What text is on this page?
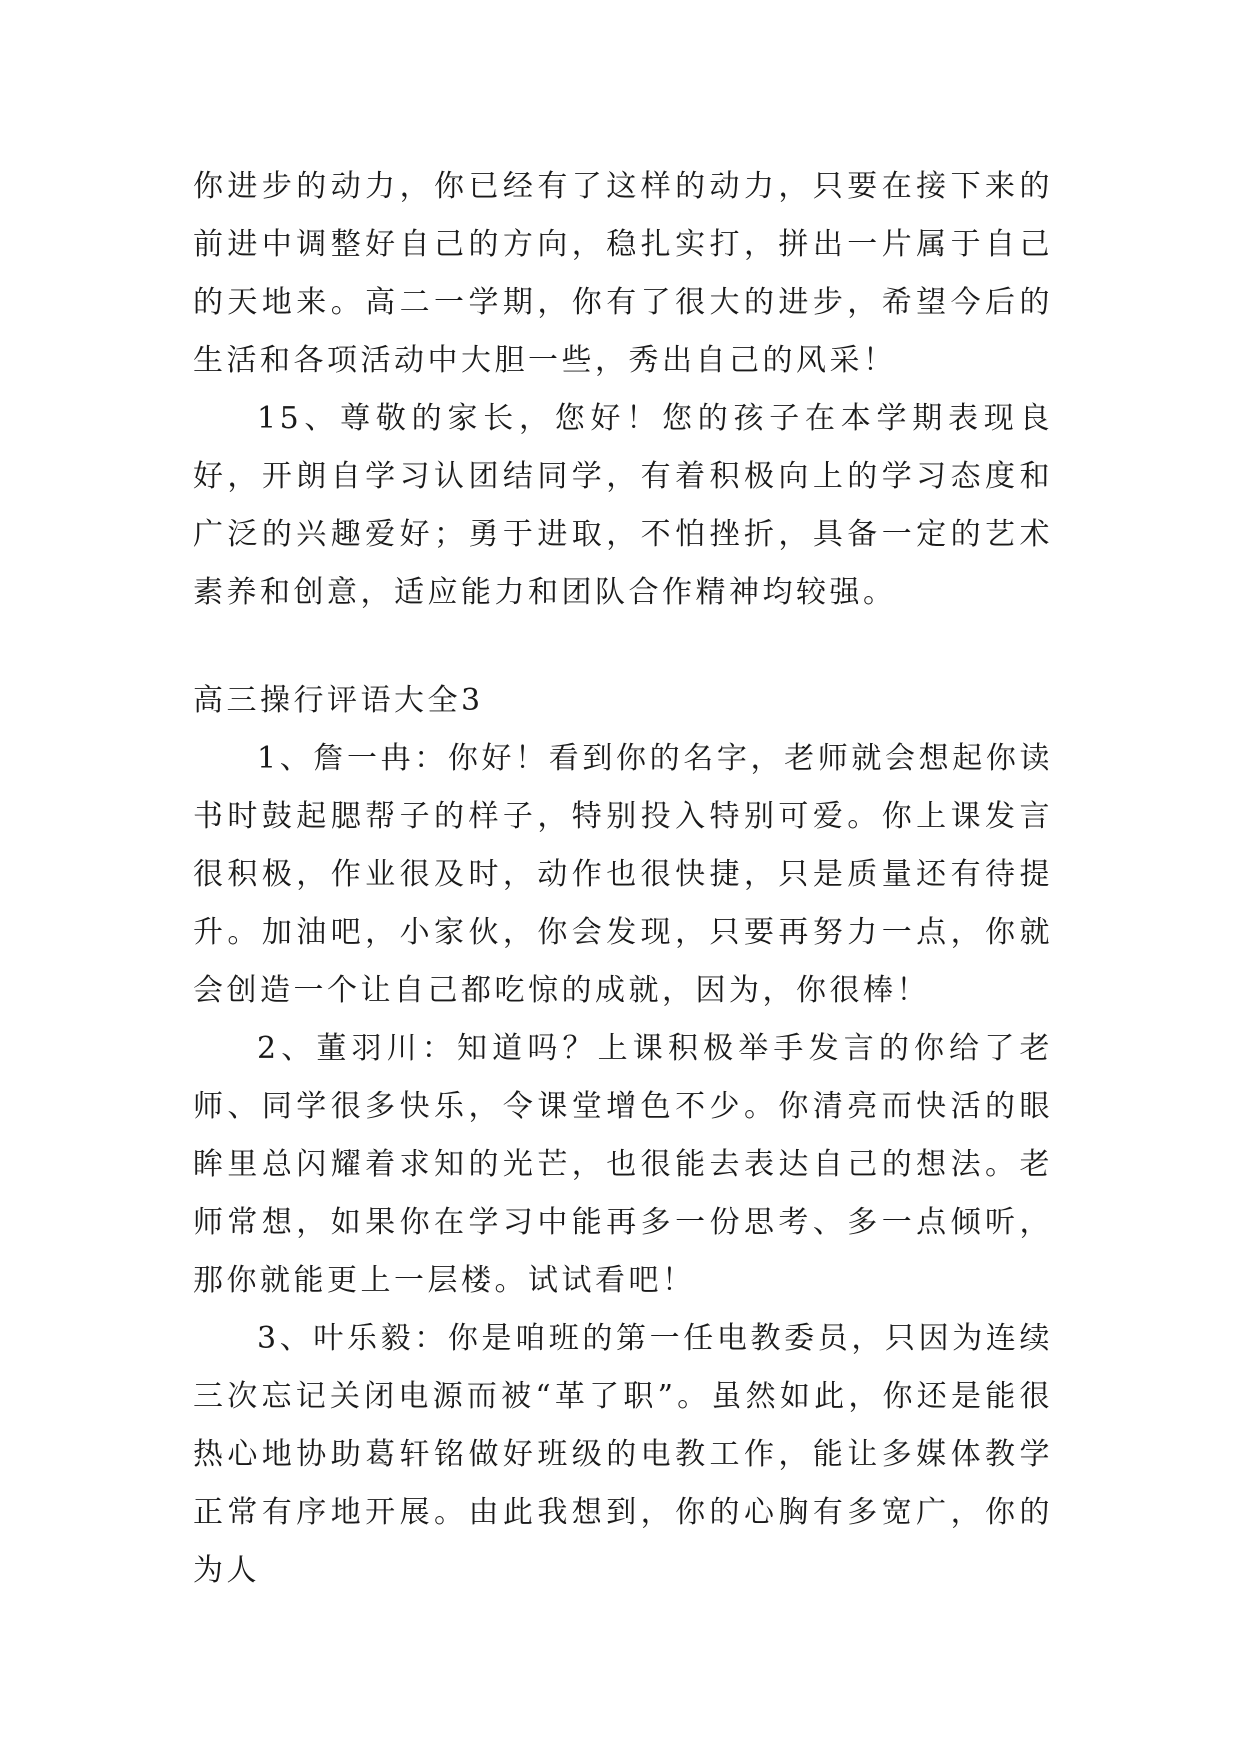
你进步的动力，你已经有了这样的动力，只要在接下来的前进中调整好自己的方向，稳扎实打，拼出一片属于自己的天地来。高二一学期，你有了很大的进步，希望今后的生活和各项活动中大胆一些，秀出自己的风采！

15、尊敬的家长，您好！您的孩子在本学期表现良好，开朗自学习认团结同学，有着积极向上的学习态度和广泛的兴趣爱好；勇于进取，不怕挫折，具备一定的艺术素养和创意，适应能力和团队合作精神均较强。

高三操行评语大全3

1、詹一冉：你好！看到你的名字，老师就会想起你读书时鼓起腮帮子的样子，特别投入特别可爱。你上课发言很积极，作业很及时，动作也很快捷，只是质量还有待提升。加油吧，小家伙，你会发现，只要再努力一点，你就会创造一个让自己都吃惊的成就，因为，你很棒！

2、董羽川：知道吗？上课积极举手发言的你给了老师、同学很多快乐，令课堂增色不少。你清亮而快活的眼眸里总闪耀着求知的光芒，也很能去表达自己的想法。老师常想，如果你在学习中能再多一份思考、多一点倾听，那你就能更上一层楼。试试看吧！

3、叶乐毅：你是咱班的第一任电教委员，只因为连续三次忘记关闭电源而被“革了职”。虽然如此，你还是能很热心地协助葛轩铭做好班级的电教工作，能让多媒体教学正常有序地开展。由此我想到，你的心胸有多宽广，你的为人
